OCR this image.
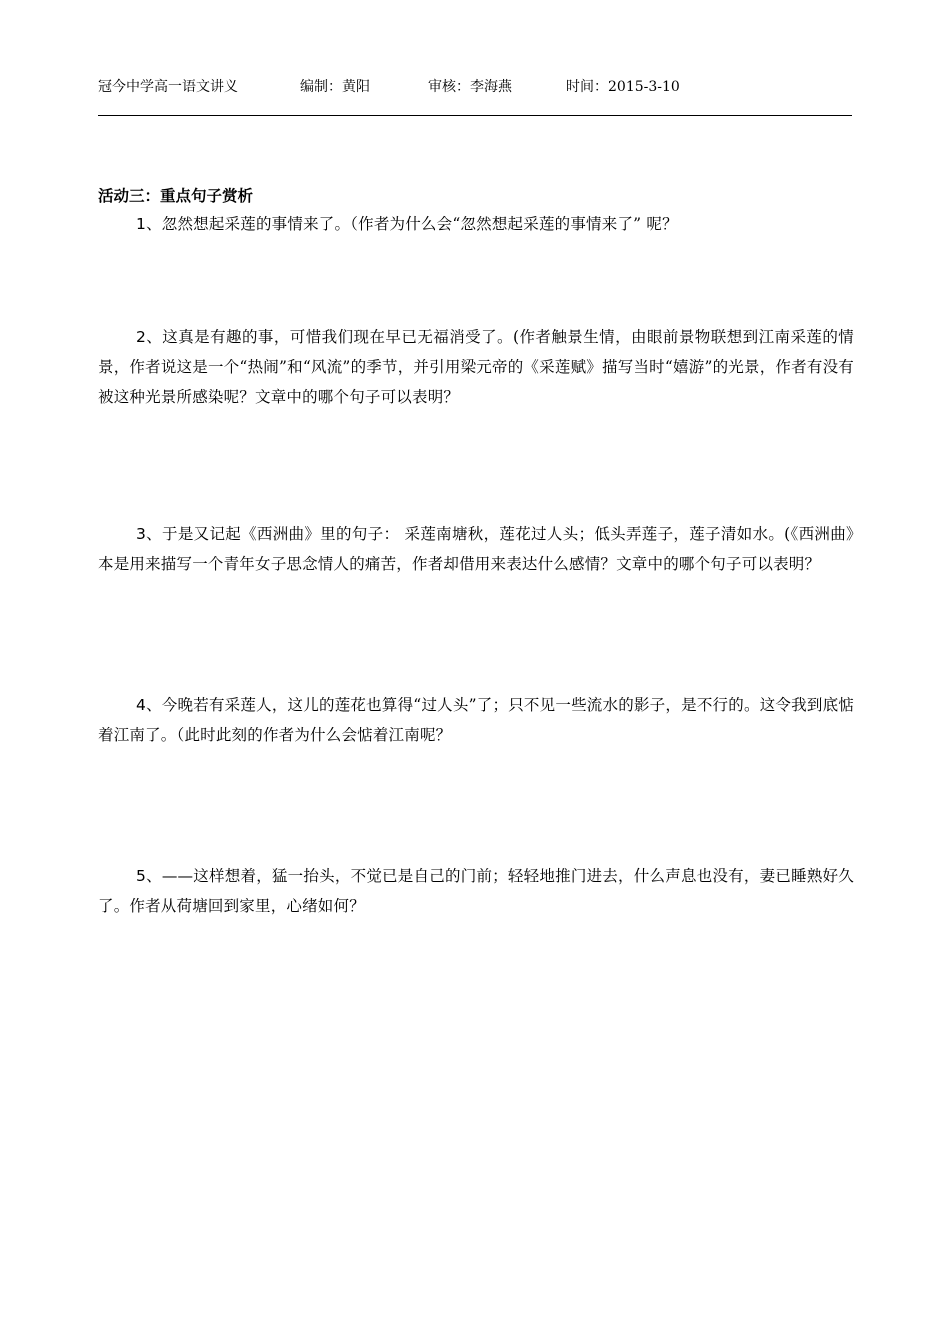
冠今中学高一语文讲义	编制：黄阳	审核：李海燕	时间：2015-3-10
活动三：重点句子赏析
1、忽然想起采莲的事情来了。（作者为什么会“忽然想起采莲的事情来了” 呢？
2、这真是有趣的事，可惜我们现在早已无福消受了。(作者触景生情，由眼前景物联想到江南采莲的情景，作者说这是一个“热闹”和“风流”的季节，并引用梁元帝的《采莲赋》描写当时“嬉游”的光景，作者有没有被这种光景所感染呢？文章中的哪个句子可以表明？
3、于是又记起《西洲曲》里的句子： 采莲南塘秋，莲花过人头；低头弄莲子，莲子清如水。(《西洲曲》本是用来描写一个青年女子思念情人的痛苦，作者却借用来表达什么感情？文章中的哪个句子可以表明？
4、今晚若有采莲人，这儿的莲花也算得“过人头”了；只不见一些流水的影子，是不行的。这令我到底惦着江南了。（此时此刻的作者为什么会惦着江南呢？
5、——这样想着，猛一抬头，不觉已是自己的门前；轻轻地推门进去，什么声息也没有，妻已睡熟好久了。作者从荷塘回到家里，心绪如何？
